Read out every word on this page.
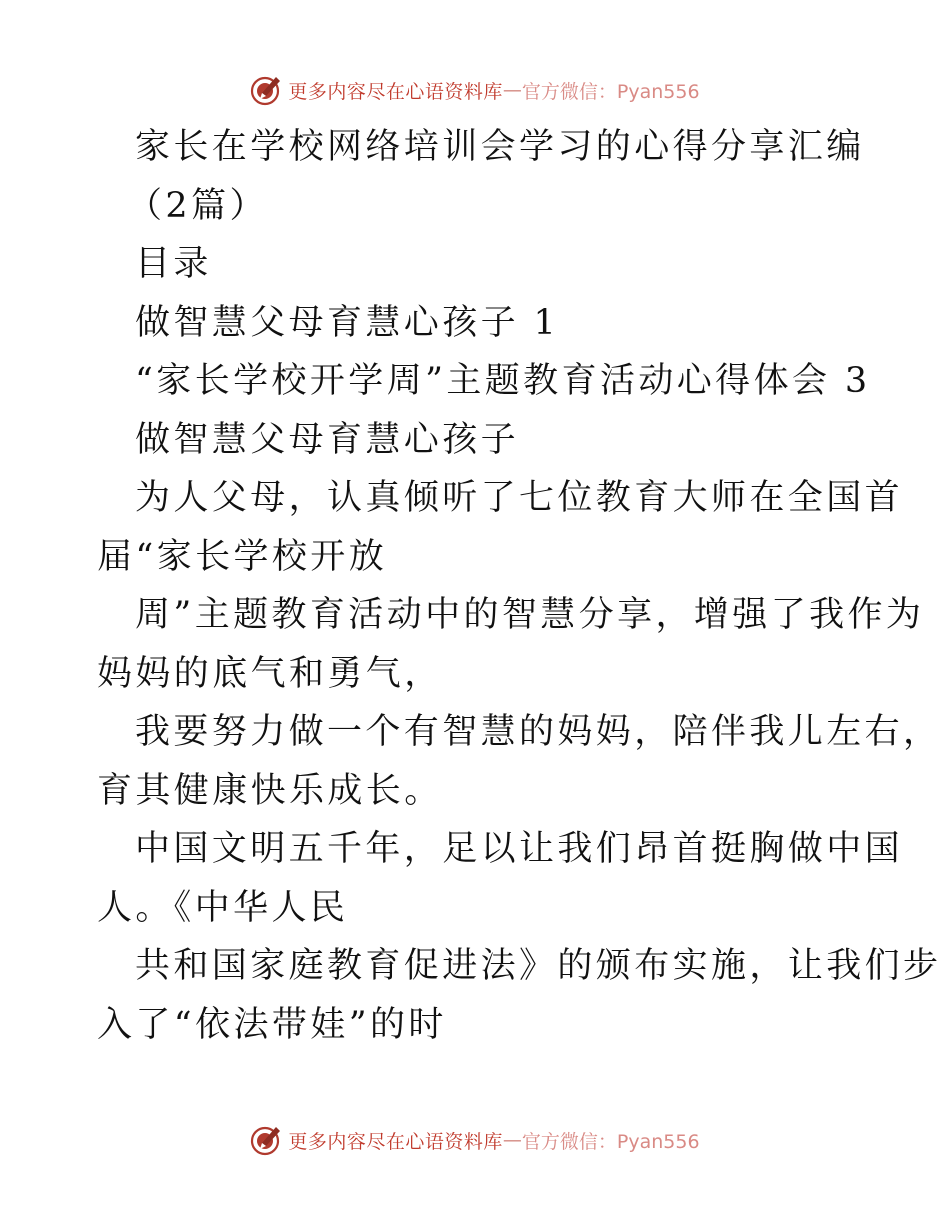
更多内容尽在心语资料库 — 官方微信：Pyan556

家长在学校网络培训会学习的心得分享汇编

（2篇）

目录

做智慧父母育慧心孩子 1

“家长学校开学周”主题教育活动心得体会 3

做智慧父母育慧心孩子

为人父母，认真倾听了七位教育大师在全国首

届“家长学校开放

周”主题教育活动中的智慧分享，增强了我作为

妈妈的底气和勇气，

我要努力做一个有智慧的妈妈，陪伴我儿左右，

育其健康快乐成长。

中国文明五千年，足以让我们昂首挺胸做中国

人。《中华人民

共和国家庭教育促进法》的颁布实施，让我们步

入了“依法带娃”的时

更多内容尽在心语资料库 — 官方微信：Pyan556
